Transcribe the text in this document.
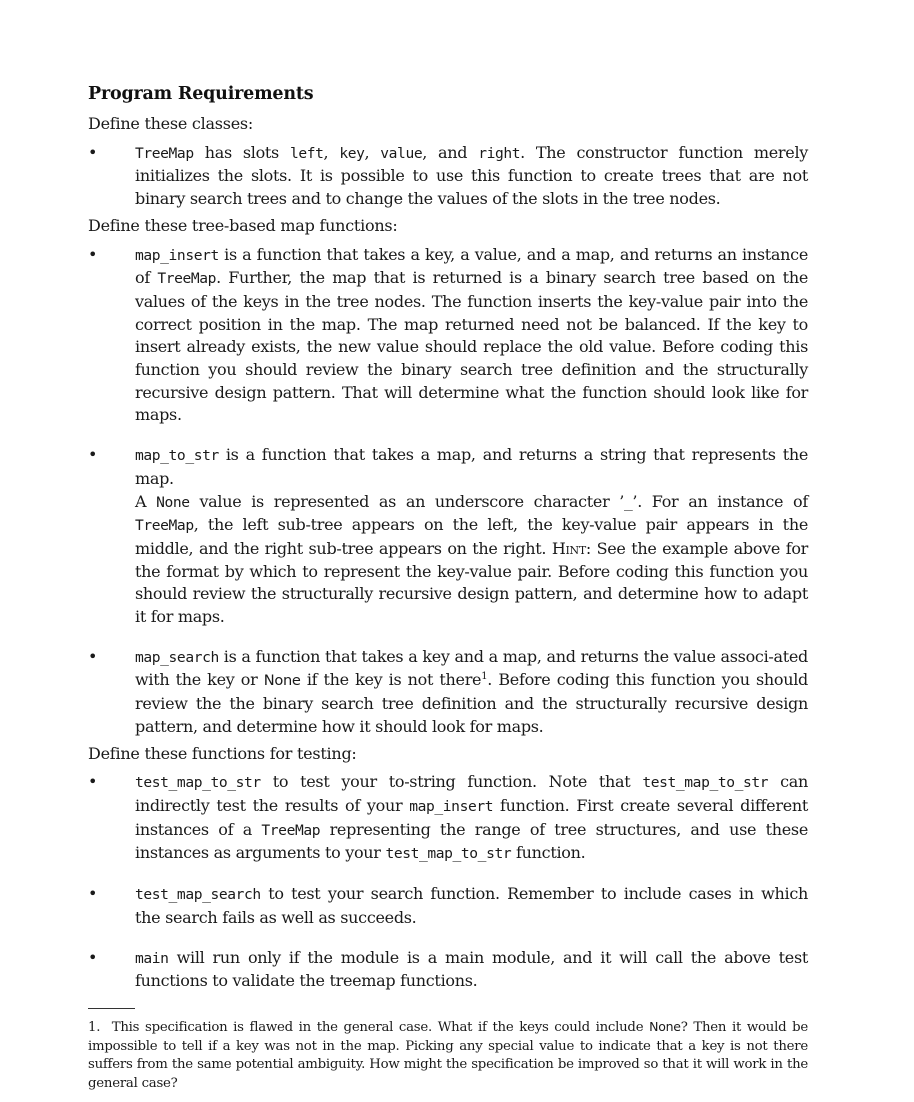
Program Requirements

Define these classes:

•	TreeMap has slots left, key, value, and right. The constructor function merely initializes the slots. It is possible to use this function to create trees that are not binary search trees and to change the values of the slots in the tree nodes.

Define these tree-based map functions:

•	map_insert is a function that takes a key, a value, and a map, and returns an instance of TreeMap. Further, the map that is returned is a binary search tree based on the values of the keys in the tree nodes. The function inserts the key-value pair into the correct position in the map. The map returned need not be balanced. If the key to insert already exists, the new value should replace the old value. Before coding this function you should review the binary search tree definition and the structurally recursive design pattern. That will determine what the function should look like for maps.
•	map_to_str is a function that takes a map, and returns a string that represents the map.
A None value is represented as an underscore character ’_’. For an instance of TreeMap, the left sub-tree appears on the left, the key-value pair appears in the middle, and the right sub-tree appears on the right. Hint: See the example above for the format by which to represent the key-value pair. Before coding this function you should review the structurally recursive design pattern, and determine how to adapt it for maps.
•	map_search is a function that takes a key and a map, and returns the value associ-ated with the key or None if the key is not there$^1$. Before coding this function you should review the the binary search tree definition and the structurally recursive design pattern, and determine how it should look for maps.

Define these functions for testing:

•	test_map_to_str to test your to-string function. Note that test_map_to_str can indirectly test the results of your map_insert function. First create several different instances of a TreeMap representing the range of tree structures, and use these instances as arguments to your test_map_to_str function.
•	test_map_search to test your search function. Remember to include cases in which the search fails as well as succeeds.
•	main will run only if the module is a main module, and it will call the above test functions to validate the treemap functions.
1. This specification is flawed in the general case. What if the keys could include None? Then it would be impossible to tell if a key was not in the map. Picking any special value to indicate that a key is not there suffers from the same potential ambiguity. How might the specification be improved so that it will work in the general case?
